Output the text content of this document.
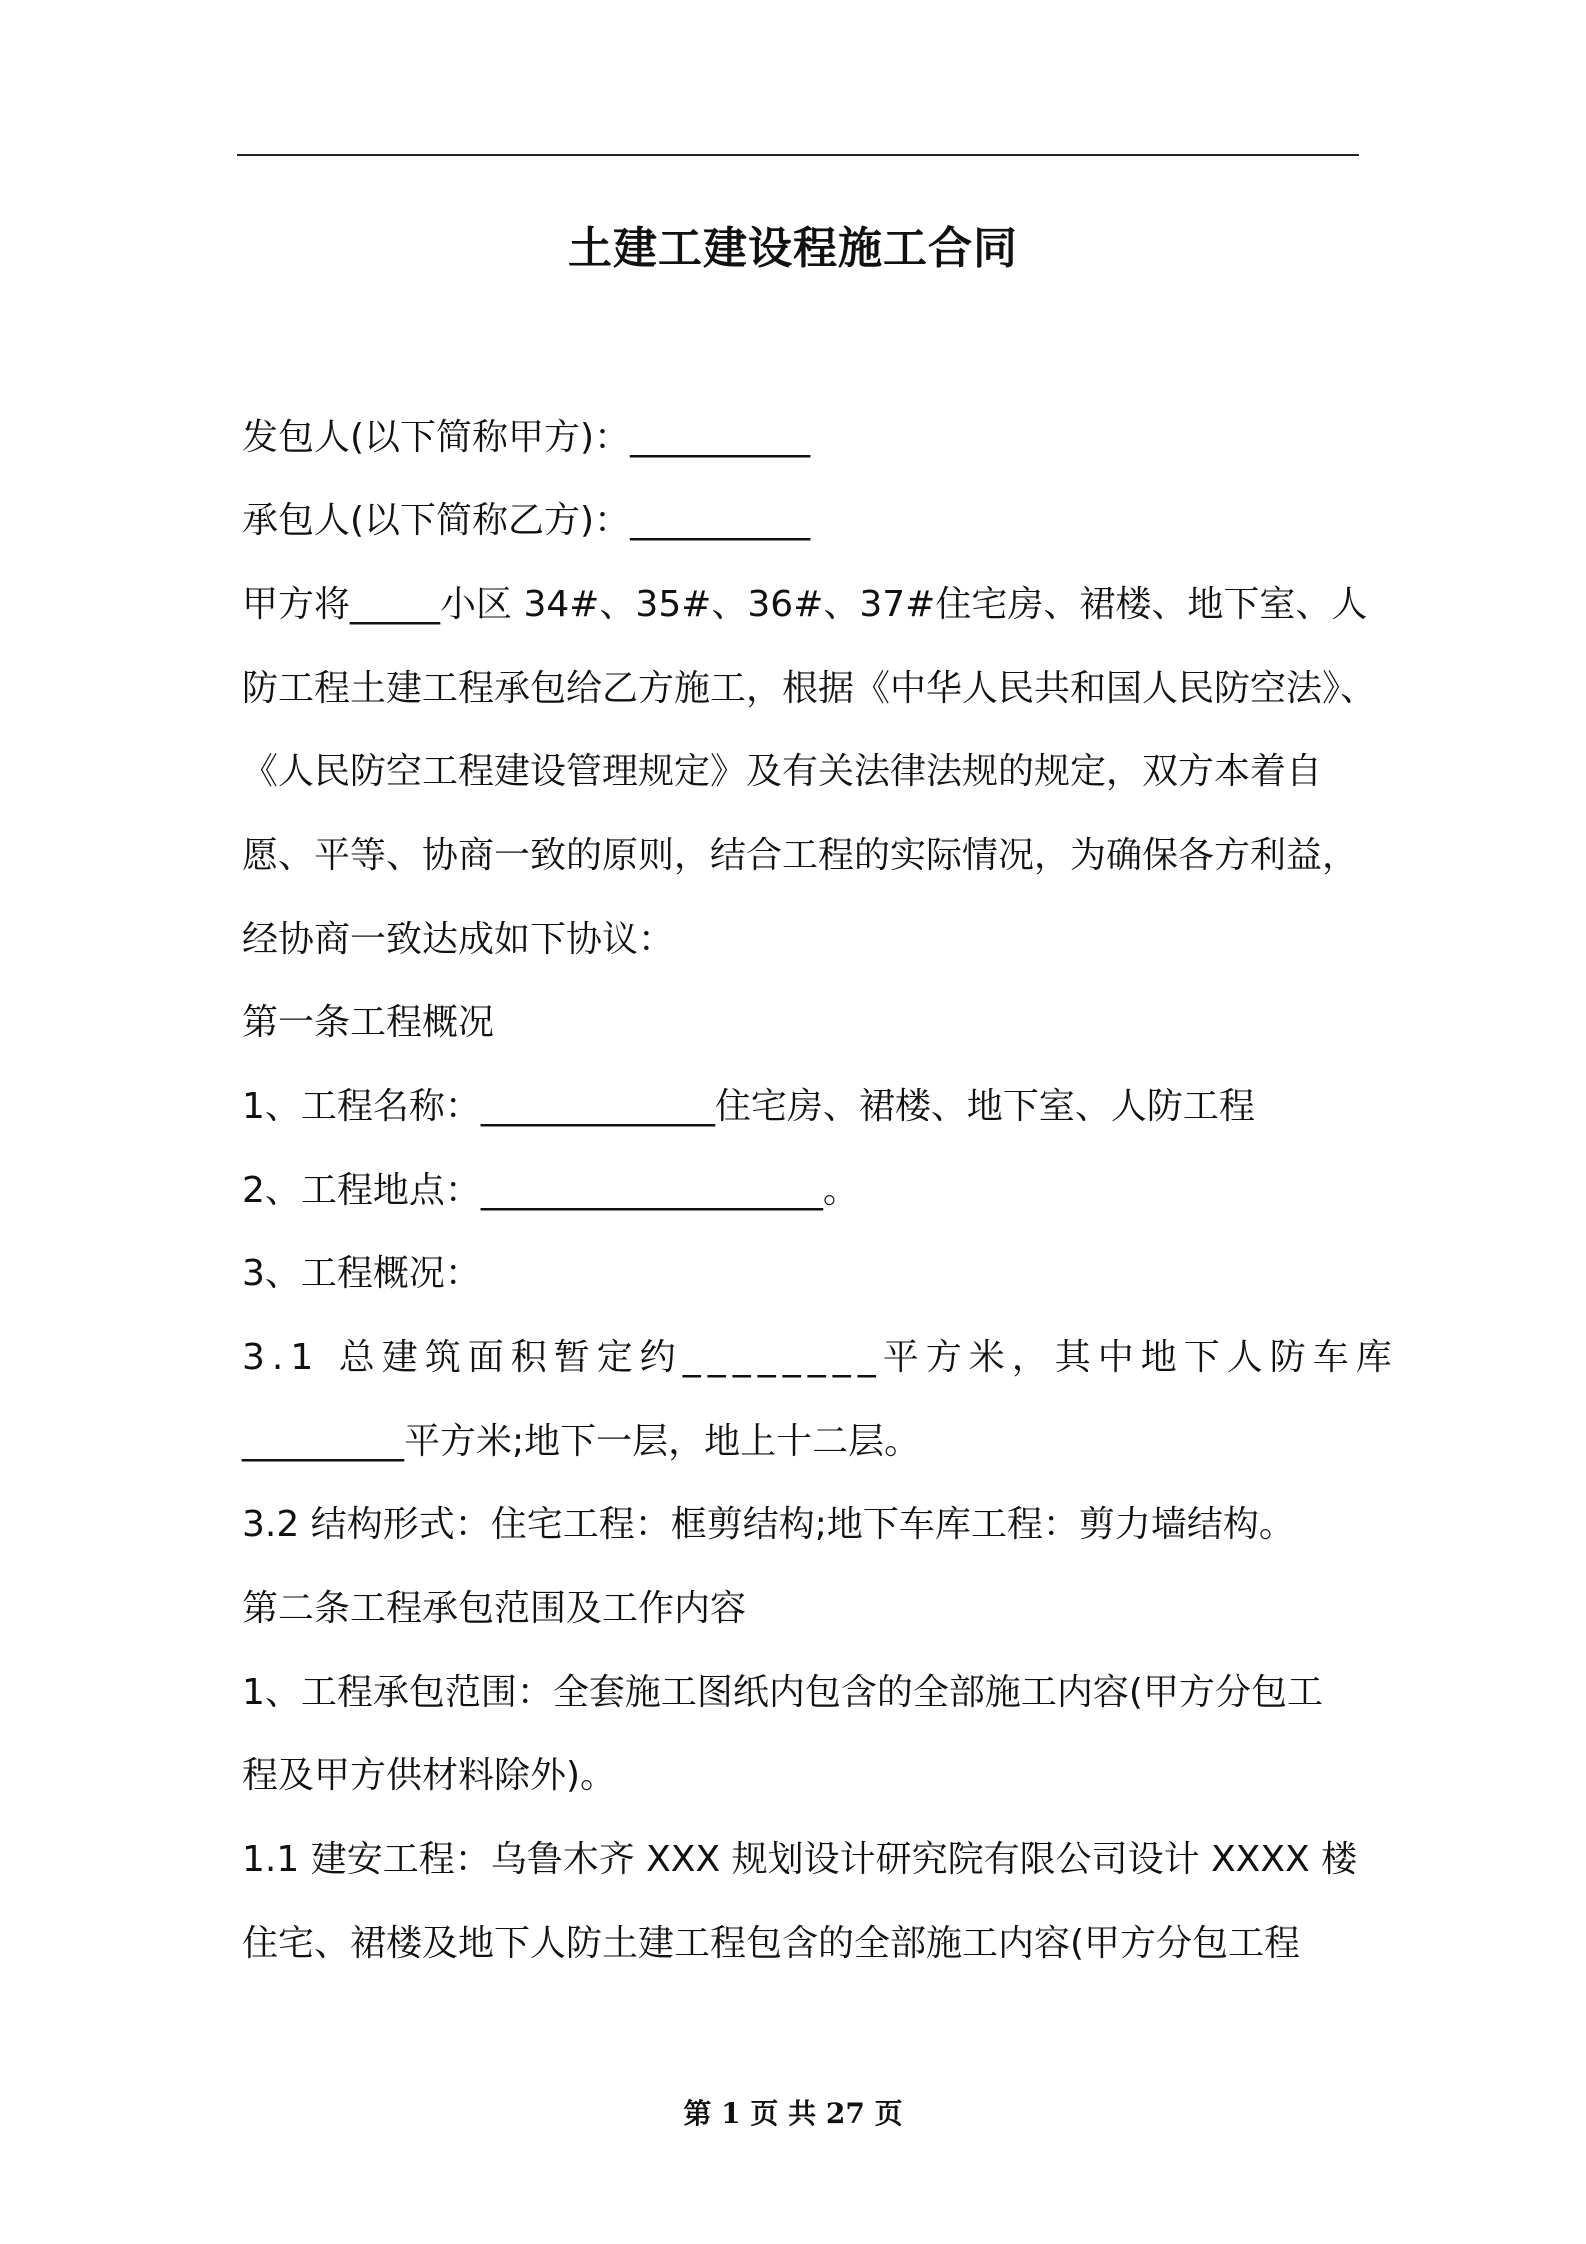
土建工建设程施工合同
发包人(以下简称甲方)：__________
承包人(以下简称乙方)：__________
甲方将_____小区 34#、35#、36#、37#住宅房、裙楼、地下室、人
防工程土建工程承包给乙方施工，根据《中华人民共和国人民防空法》、
《人民防空工程建设管理规定》及有关法律法规的规定，双方本着自
愿、平等、协商一致的原则，结合工程的实际情况，为确保各方利益，
经协商一致达成如下协议：
第一条工程概况
1、工程名称：_____________住宅房、裙楼、地下室、人防工程
2、工程地点：___________________。
3、工程概况：
3.1 总建筑面积暂定约________平方米，其中地下人防车库
_________平方米;地下一层，地上十二层。
3.2 结构形式：住宅工程：框剪结构;地下车库工程：剪力墙结构。
第二条工程承包范围及工作内容
1、工程承包范围：全套施工图纸内包含的全部施工内容(甲方分包工
程及甲方供材料除外)。
1.1 建安工程：乌鲁木齐 XXX 规划设计研究院有限公司设计 XXXX 楼
住宅、裙楼及地下人防土建工程包含的全部施工内容(甲方分包工程
第 1 页 共 27 页
